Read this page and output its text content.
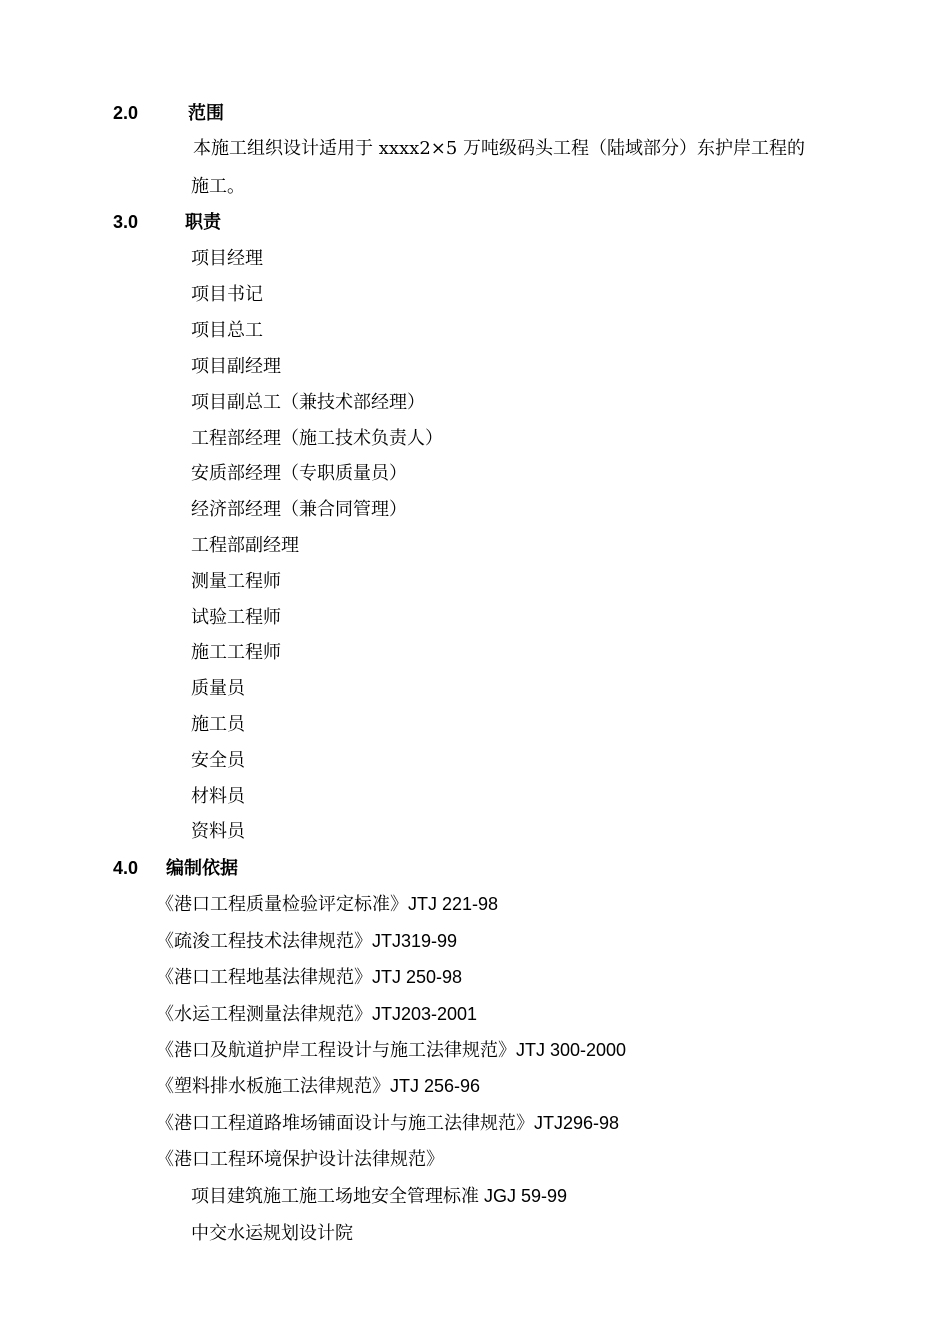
2.0	范围
本施工组织设计适用于 xxxx2×5 万吨级码头工程（陆域部分）东护岸工程的
施工。
3.0	职责
项目经理
项目书记
项目总工
项目副经理
项目副总工（兼技术部经理）
工程部经理（施工技术负责人）
安质部经理（专职质量员）
经济部经理（兼合同管理）
工程部副经理
测量工程师
试验工程师
施工工程师
质量员
施工员
安全员
材料员
资料员
4.0 编制依据
《港口工程质量检验评定标准》JTJ 221-98
《疏浚工程技术法律规范》JTJ319-99
《港口工程地基法律规范》JTJ 250-98
《水运工程测量法律规范》JTJ203-2001
《港口及航道护岸工程设计与施工法律规范》JTJ 300-2000
《塑料排水板施工法律规范》JTJ 256-96
《港口工程道路堆场铺面设计与施工法律规范》JTJ296-98
《港口工程环境保护设计法律规范》
项目建筑施工施工场地安全管理标准 JGJ 59-99
中交水运规划设计院
